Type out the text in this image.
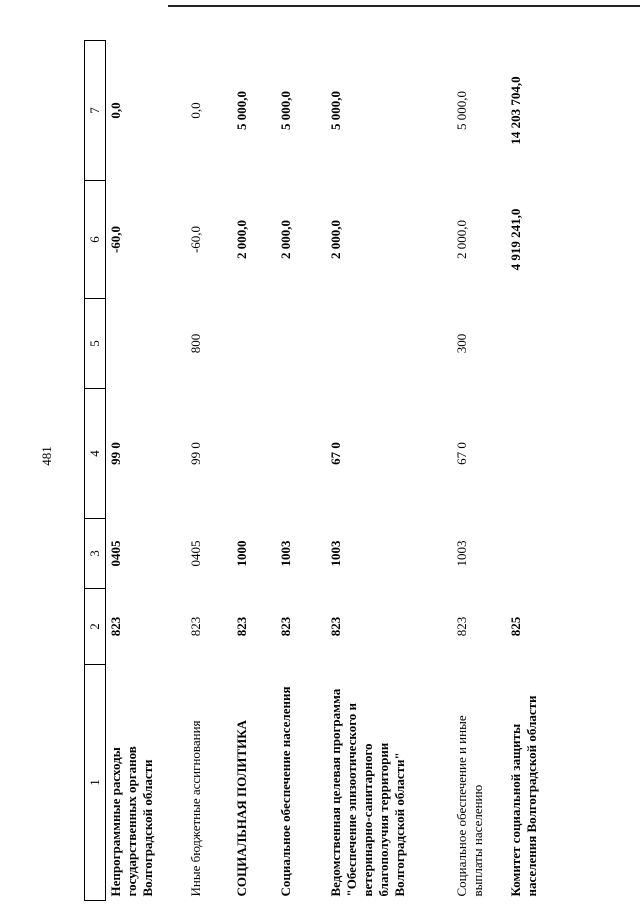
481
1	2	3	4	5	6	7
Непрограммные расходы государственных органов Волгоградской области	823	0405	99 0		-60,0	0,0
Иные бюджетные ассигнования	823	0405	99 0	800	-60,0	0,0
СОЦИАЛЬНАЯ ПОЛИТИКА	823	1000			2 000,0	5 000,0
Социальное обеспечение населения	823	1003			2 000,0	5 000,0
Ведомственная целевая программа "Обеспечение эпизоотического и ветеринарно-санитарного благополучия территории Волгоградской области"	823	1003	67 0		2 000,0	5 000,0
Социальное обеспечение и иные выплаты населению	823	1003	67 0	300	2 000,0	5 000,0
Комитет социальной защиты населения Волгоградской области	825				4 919 241,0	14 203 704,0
